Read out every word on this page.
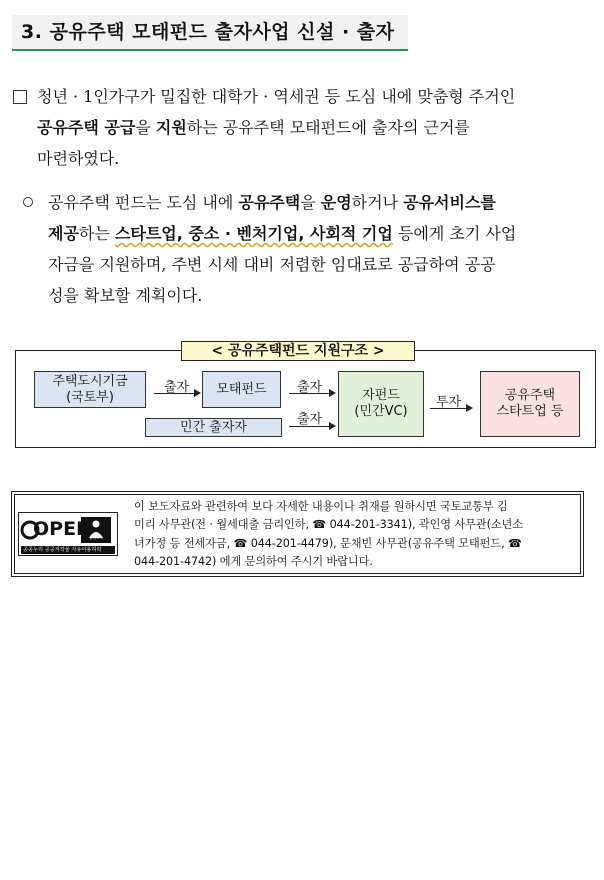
3. 공유주택 모태펀드 출자사업 신설 · 출자
청년 · 1인가구가 밀집한 대학가 · 역세권 등 도심 내에 맞춤형 주거인
공유주택 공급을 지원하는 공유주택 모태펀드에 출자의 근거를
마련하였다.
공유주택 펀드는 도심 내에 공유주택을 운영하거나 공유서비스를
제공하는 스타트업, 중소 · 벤처기업, 사회적 기업 등에게 초기 사업
자금을 지원하며, 주변 시세 대비 저렴한 임대료로 공급하여 공공
성을 확보할 계획이다.
< 공유주택펀드 지원구조 >
주택도시기금
(국토부)
출자 모태펀드 출자
민간 출자자	출자
자펀드
(민간VC)
투자	공유주택
스타트업 등
OPEN
출처표시
공공누리 공공저작물 자유이용허락
이 보도자료와 관련하여 보다 자세한 내용이나 취재를 원하시면 국토교통부 김
미리 사무관(전 · 월세대출 금리인하, ☎ 044-201-3341), 곽인영 사무관(소년소
녀가정 등 전세자금, ☎ 044-201-4479), 문채빈 사무관(공유주택 모태펀드, ☎
044-201-4742) 에게 문의하여 주시기 바랍니다.
